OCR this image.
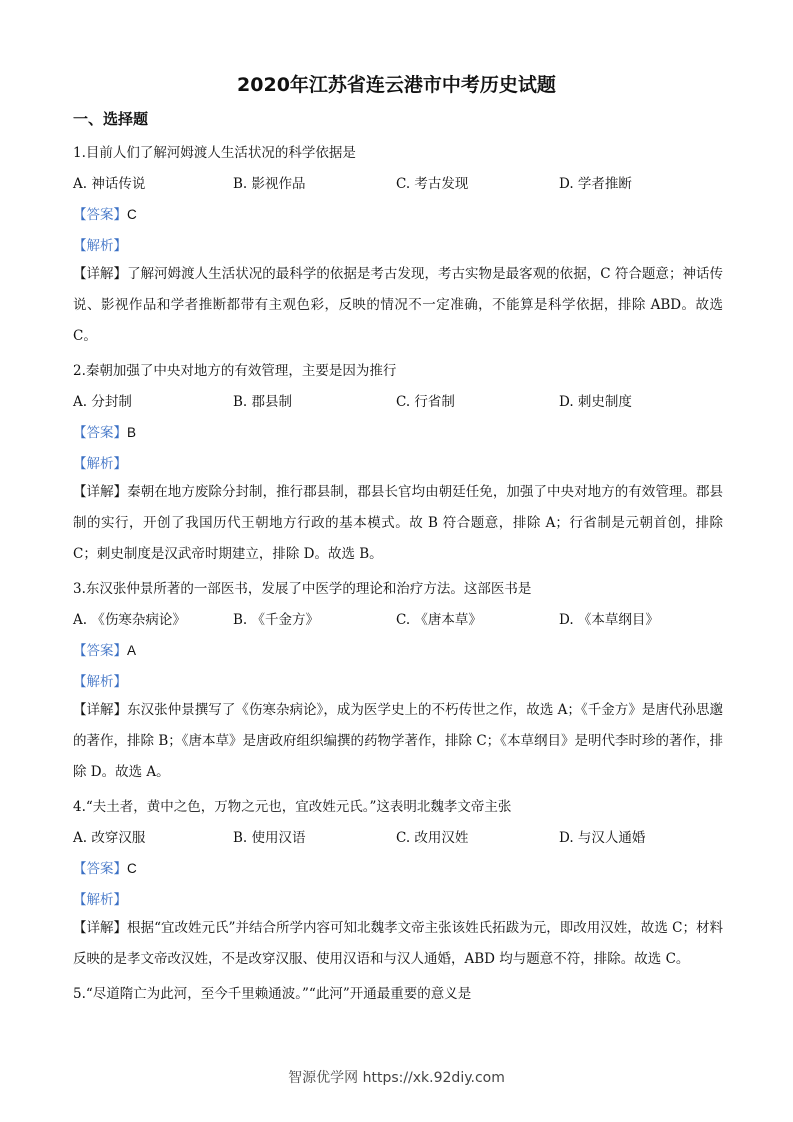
2020年江苏省连云港市中考历史试题
一、选择题
1.目前人们了解河姆渡人生活状况的科学依据是
A. 神话传说	B. 影视作品	C. 考古发现	D. 学者推断
【答案】C
【解析】
【详解】了解河姆渡人生活状况的最科学的依据是考古发现，考古实物是最客观的依据，C 符合题意；神话传说、影视作品和学者推断都带有主观色彩，反映的情况不一定准确，不能算是科学依据，排除 ABD。故选 C。
2.秦朝加强了中央对地方的有效管理，主要是因为推行
A. 分封制	B. 郡县制	C. 行省制	D. 刺史制度
【答案】B
【解析】
【详解】秦朝在地方废除分封制，推行郡县制，郡县长官均由朝廷任免，加强了中央对地方的有效管理。郡县制的实行，开创了我国历代王朝地方行政的基本模式。故 B 符合题意，排除 A；行省制是元朝首创，排除 C；刺史制度是汉武帝时期建立，排除 D。故选 B。
3.东汉张仲景所著的一部医书，发展了中医学的理论和治疗方法。这部医书是
A. 《伤寒杂病论》	B. 《千金方》	C. 《唐本草》	D. 《本草纲目》
【答案】A
【解析】
【详解】东汉张仲景撰写了《伤寒杂病论》，成为医学史上的不朽传世之作，故选 A；《千金方》是唐代孙思邈的著作，排除 B；《唐本草》是唐政府组织编撰的药物学著作，排除 C；《本草纲目》是明代李时珍的著作，排除 D。故选 A。
4.“夫土者，黄中之色，万物之元也，宜改姓元氏。”这表明北魏孝文帝主张
A. 改穿汉服	B. 使用汉语	C. 改用汉姓	D. 与汉人通婚
【答案】C
【解析】
【详解】根据“宜改姓元氏”并结合所学内容可知北魏孝文帝主张该姓氏拓跋为元，即改用汉姓，故选 C；材料反映的是孝文帝改汉姓，不是改穿汉服、使用汉语和与汉人通婚，ABD 均与题意不符，排除。故选 C。
5.“尽道隋亡为此河，至今千里赖通波。”“此河”开通最重要的意义是
智源优学网 https://xk.92diy.com
